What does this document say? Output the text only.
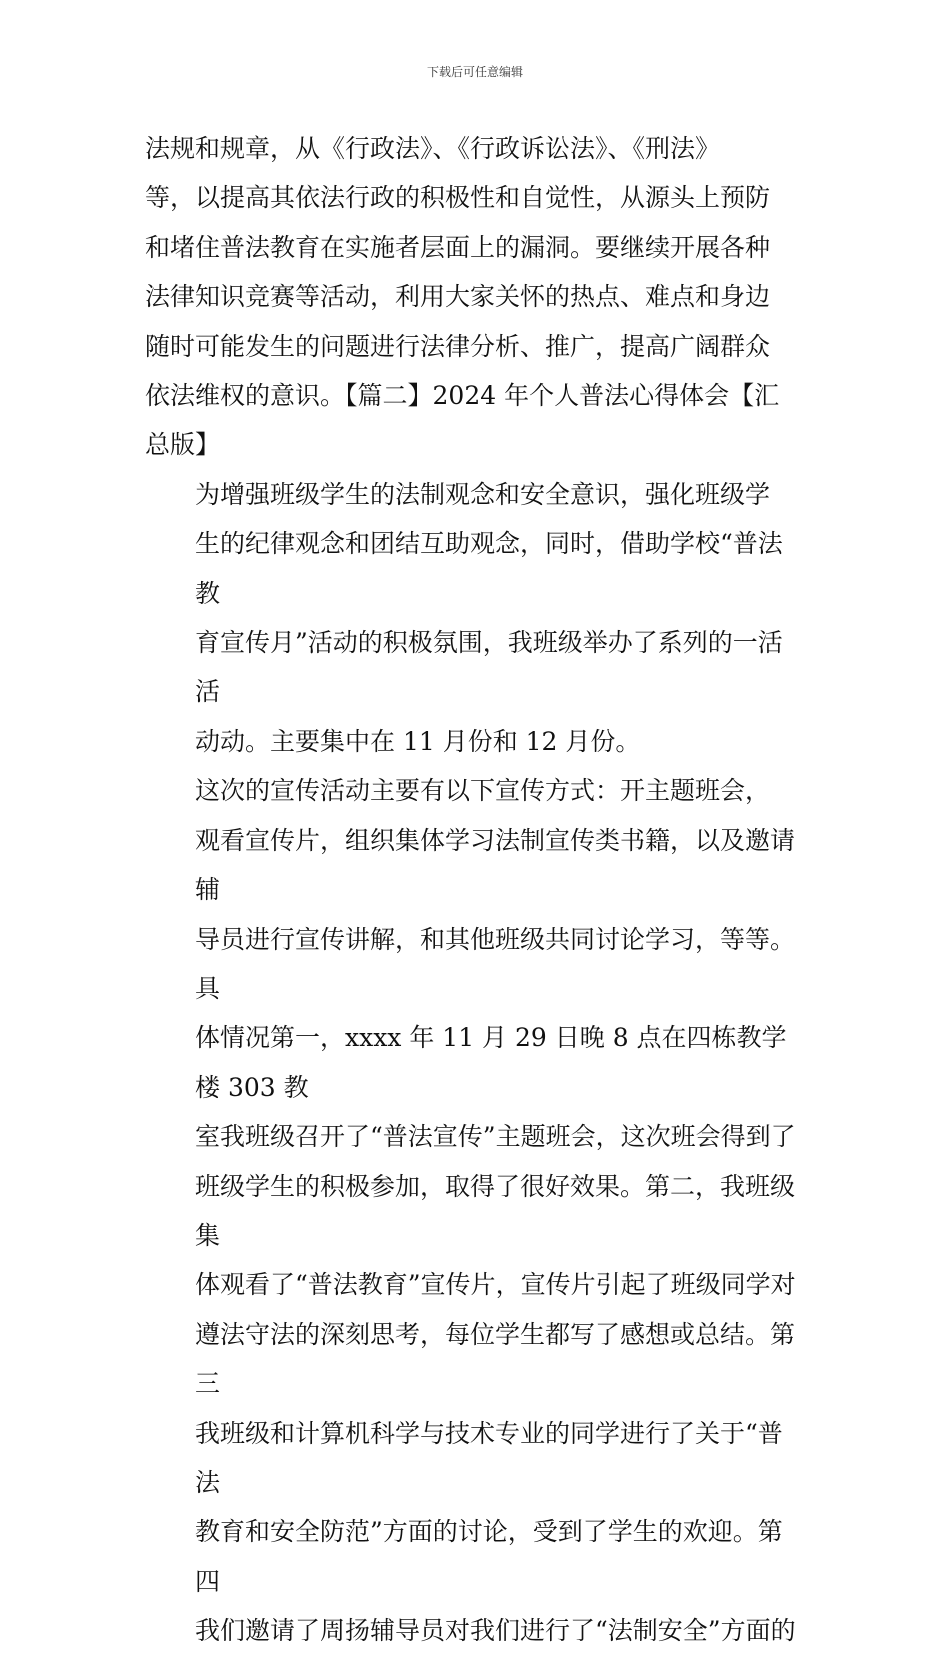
下载后可任意编辑

法规和规章，从《行政法》、《行政诉讼法》、《刑法》
等，以提高其依法行政的积极性和自觉性，从源头上预防
和堵住普法教育在实施者层面上的漏洞。要继续开展各种
法律知识竞赛等活动，利用大家关怀的热点、难点和身边
随时可能发生的问题进行法律分析、推广，提高广阔群众
依法维权的意识。【篇二】2024 年个人普法心得体会【汇
总版】

为增强班级学生的法制观念和安全意识，强化班级学
生的纪律观念和团结互助观念，同时，借助学校“普法教
育宣传月”活动的积极氛围，我班级举办了系列的一活活
动动。主要集中在 11 月份和 12 月份。

这次的宣传活动主要有以下宣传方式：开主题班会，
观看宣传片，组织集体学习法制宣传类书籍，以及邀请辅
导员进行宣传讲解，和其他班级共同讨论学习，等等。具
体情况第一，xxxx 年 11 月 29 日晚 8 点在四栋教学楼 303 教
室我班级召开了“普法宣传”主题班会，这次班会得到了
班级学生的积极参加，取得了很好效果。第二，我班级集
体观看了“普法教育”宣传片，宣传片引起了班级同学对
遵法守法的深刻思考，每位学生都写了感想或总结。第三
我班级和计算机科学与技术专业的同学进行了关于“普法
教育和安全防范”方面的讨论，受到了学生的欢迎。第四
我们邀请了周扬辅导员对我们进行了“法制安全”方面的
